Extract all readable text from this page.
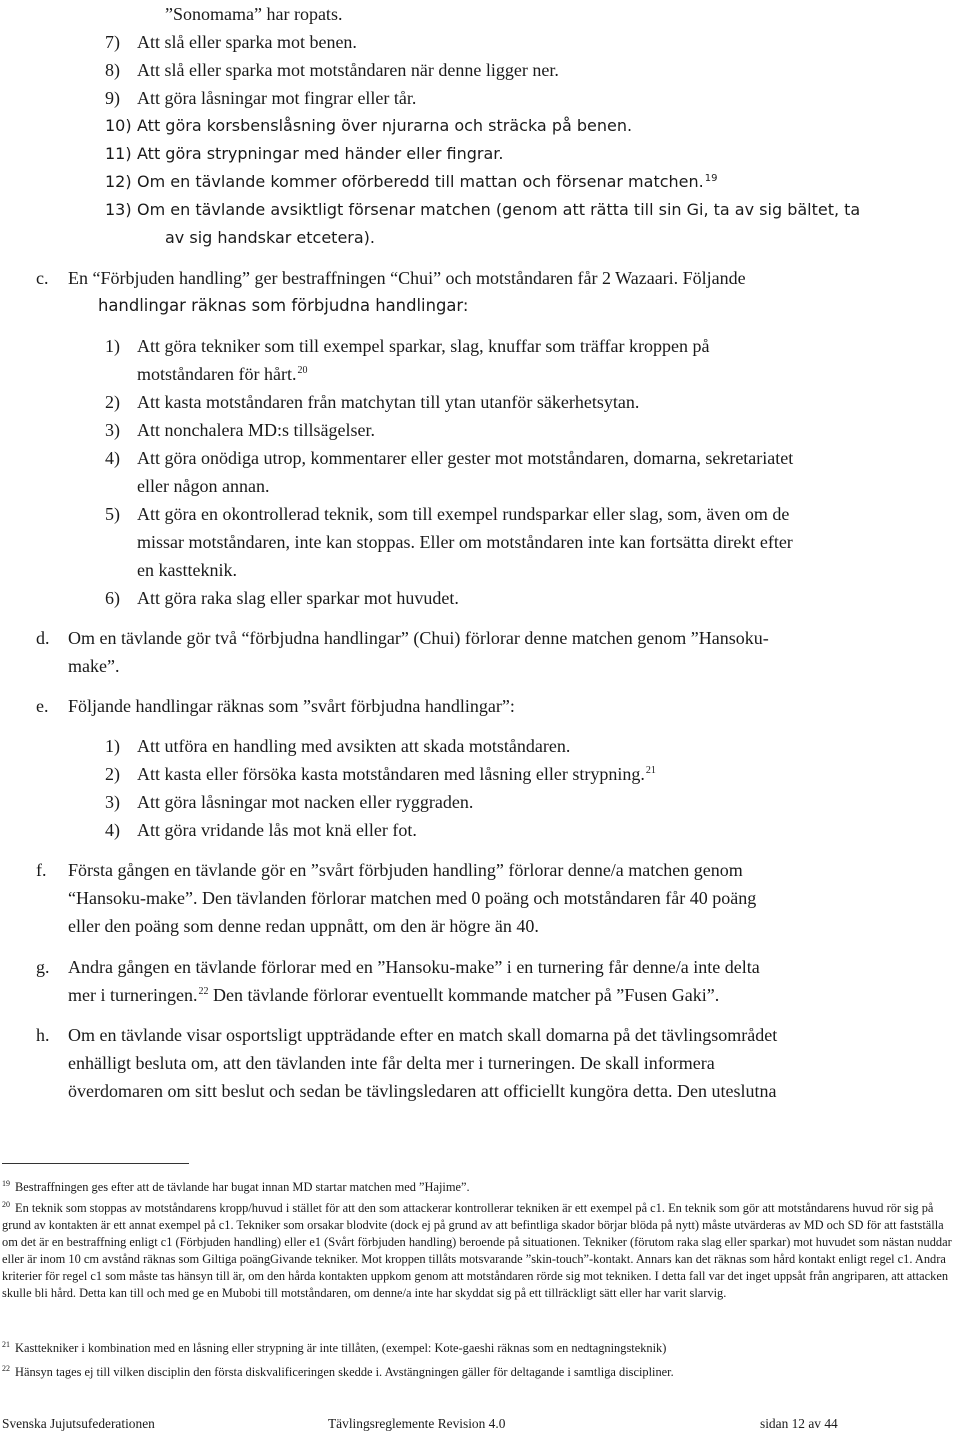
”Sonomama” har ropats.
7) Att slå eller sparka mot benen.
8) Att slå eller sparka mot motståndaren när denne ligger ner.
9) Att göra låsningar mot fingrar eller tår.
10) Att göra korsbenslåsning över njurarna och sträcka på benen.
11) Att göra strypningar med händer eller fingrar.
12) Om en tävlande kommer oförberedd till mattan och försenar matchen.$^{19}$
13) Om en tävlande avsiktligt försenar matchen (genom att rätta till sin Gi, ta av sig bältet, ta
av sig handskar etcetera).
c. En “Förbjuden handling” ger bestraffningen “Chui” och motståndaren får 2 Wazaari. Följande
handlingar räknas som förbjudna handlingar:
1) Att göra tekniker som till exempel sparkar, slag, knuffar som träffar kroppen på
motståndaren för hårt.$^{20}$
2) Att kasta motståndaren från matchytan till ytan utanför säkerhetsytan.
3) Att nonchalera MD:s tillsägelser.
4) Att göra onödiga utrop, kommentarer eller gester mot motståndaren, domarna, sekretariatet
eller någon annan.
5) Att göra en okontrollerad teknik, som till exempel rundsparkar eller slag, som, även om de
missar motståndaren, inte kan stoppas. Eller om motståndaren inte kan fortsätta direkt efter
en kastteknik.
6) Att göra raka slag eller sparkar mot huvudet.
d. Om en tävlande gör två “förbjudna handlingar” (Chui) förlorar denne matchen genom ”Hansoku-
make”.
e. Följande handlingar räknas som ”svårt förbjudna handlingar”:
1) Att utföra en handling med avsikten att skada motståndaren.
2) Att kasta eller försöka kasta motståndaren med låsning eller strypning.$^{21}$
3) Att göra låsningar mot nacken eller ryggraden.
4) Att göra vridande lås mot knä eller fot.
f. Första gången en tävlande gör en ”svårt förbjuden handling” förlorar denne/a matchen genom
“Hansoku-make”. Den tävlanden förlorar matchen med 0 poäng och motståndaren får 40 poäng
eller den poäng som denne redan uppnått, om den är högre än 40.
g. Andra gången en tävlande förlorar med en ”Hansoku-make” i en turnering får denne/a inte delta
mer i turneringen.$^{22}$ Den tävlande förlorar eventuellt kommande matcher på ”Fusen Gaki”.
h. Om en tävlande visar osportsligt uppträdande efter en match skall domarna på det tävlingsområdet
enhälligt besluta om, att den tävlanden inte får delta mer i turneringen. De skall informera
överdomaren om sitt beslut och sedan be tävlingsledaren att officiellt kungöra detta. Den uteslutna
$^{19}$ Bestraffningen ges efter att de tävlande har bugat innan MD startar matchen med ”Hajime”.
$^{20}$ En teknik som stoppas av motståndarens kropp/huvud i stället för att den som attackerar kontrollerar tekniken är ett exempel på c1. En teknik som gör att motståndarens huvud rör sig på grund av kontakten är ett annat exempel på c1. Tekniker som orsakar blodvite (dock ej på grund av att befintliga skador börjar blöda på nytt) måste utvärderas av MD och SD för att fastställa om det är en bestraffning enligt c1 (Förbjuden handling) eller e1 (Svårt förbjuden handling) beroende på situationen. Tekniker (förutom raka slag eller sparkar) mot huvudet som nästan nuddar eller är inom 10 cm avstånd räknas som Giltiga poängGivande tekniker. Mot kroppen tillåts motsvarande ”skin-touch”-kontakt. Annars kan det räknas som hård kontakt enligt regel c1. Andra kriterier för regel c1 som måste tas hänsyn till är, om den hårda kontakten uppkom genom att motståndaren rörde sig mot tekniken. I detta fall var det inget uppsåt från angriparen, att attacken skulle bli hård. Detta kan till och med ge en Mubobi till motståndaren, om denne/a inte har skyddat sig på ett tillräckligt sätt eller har varit slarvig.
$^{21}$ Kastteknike​r i kombination med en låsning eller strypning är inte tillåten, (exempel: Kote-gaeshi räknas som en nedtagningsteknik)
$^{22}$ Hänsyn tages ej till vilken disciplin den första diskvalificeringen skedde i. Avstängningen gäller för deltagande i samtliga discipliner.
Svenska Jujutsufederationen	Tävlingsreglemente Revision 4.0	sidan 12 av 44
